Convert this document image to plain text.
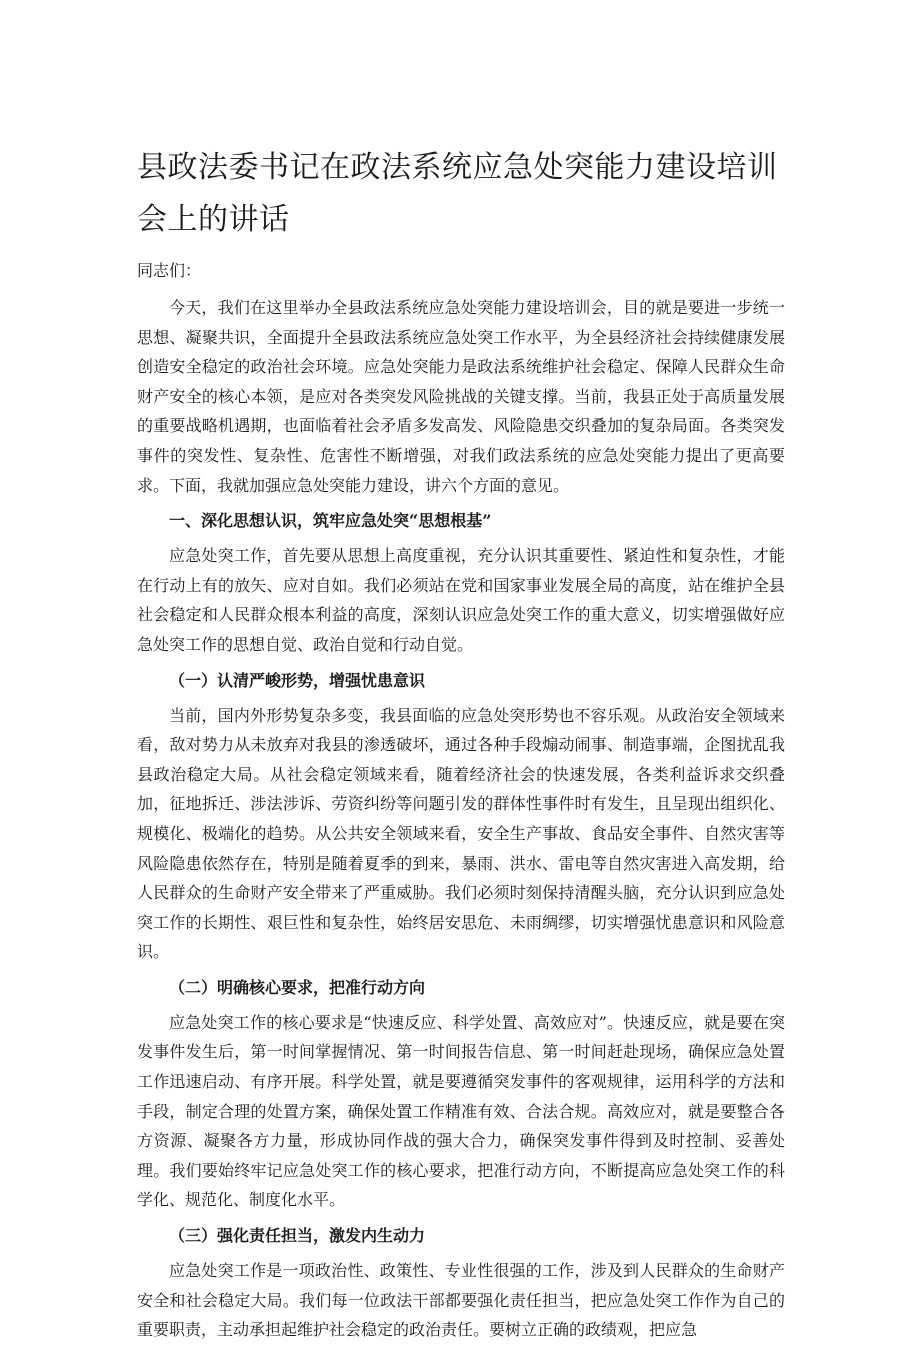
县政法委书记在政法系统应急处突能力建设培训会上的讲话

同志们：

今天，我们在这里举办全县政法系统应急处突能力建设培训会，目的就是要进一步统一思想、凝聚共识，全面提升全县政法系统应急处突工作水平，为全县经济社会持续健康发展创造安全稳定的政治社会环境。应急处突能力是政法系统维护社会稳定、保障人民群众生命财产安全的核心本领，是应对各类突发风险挑战的关键支撑。当前，我县正处于高质量发展的重要战略机遇期，也面临着社会矛盾多发高发、风险隐患交织叠加的复杂局面。各类突发事件的突发性、复杂性、危害性不断增强，对我们政法系统的应急处突能力提出了更高要求。下面，我就加强应急处突能力建设，讲六个方面的意见。

一、深化思想认识，筑牢应急处突“思想根基”

应急处突工作，首先要从思想上高度重视，充分认识其重要性、紧迫性和复杂性，才能在行动上有的放矢、应对自如。我们必须站在党和国家事业发展全局的高度，站在维护全县社会稳定和人民群众根本利益的高度，深刻认识应急处突工作的重大意义，切实增强做好应急处突工作的思想自觉、政治自觉和行动自觉。

（一）认清严峻形势，增强忧患意识

当前，国内外形势复杂多变，我县面临的应急处突形势也不容乐观。从政治安全领域来看，敌对势力从未放弃对我县的渗透破坏，通过各种手段煽动闹事、制造事端，企图扰乱我县政治稳定大局。从社会稳定领域来看，随着经济社会的快速发展，各类利益诉求交织叠加，征地拆迁、涉法涉诉、劳资纠纷等问题引发的群体性事件时有发生，且呈现出组织化、规模化、极端化的趋势。从公共安全领域来看，安全生产事故、食品安全事件、自然灾害等风险隐患依然存在，特别是随着夏季的到来，暴雨、洪水、雷电等自然灾害进入高发期，给人民群众的生命财产安全带来了严重威胁。我们必须时刻保持清醒头脑，充分认识到应急处突工作的长期性、艰巨性和复杂性，始终居安思危、未雨绸缪，切实增强忧患意识和风险意识。

（二）明确核心要求，把准行动方向

应急处突工作的核心要求是“快速反应、科学处置、高效应对”。快速反应，就是要在突发事件发生后，第一时间掌握情况、第一时间报告信息、第一时间赶赴现场，确保应急处置工作迅速启动、有序开展。科学处置，就是要遵循突发事件的客观规律，运用科学的方法和手段，制定合理的处置方案，确保处置工作精准有效、合法合规。高效应对，就是要整合各方资源、凝聚各方力量，形成协同作战的强大合力，确保突发事件得到及时控制、妥善处理。我们要始终牢记应急处突工作的核心要求，把准行动方向，不断提高应急处突工作的科学化、规范化、制度化水平。

（三）强化责任担当，激发内生动力

应急处突工作是一项政治性、政策性、专业性很强的工作，涉及到人民群众的生命财产安全和社会稳定大局。我们每一位政法干部都要强化责任担当，把应急处突工作作为自己的重要职责，主动承担起维护社会稳定的政治责任。要树立正确的政绩观，把应急
